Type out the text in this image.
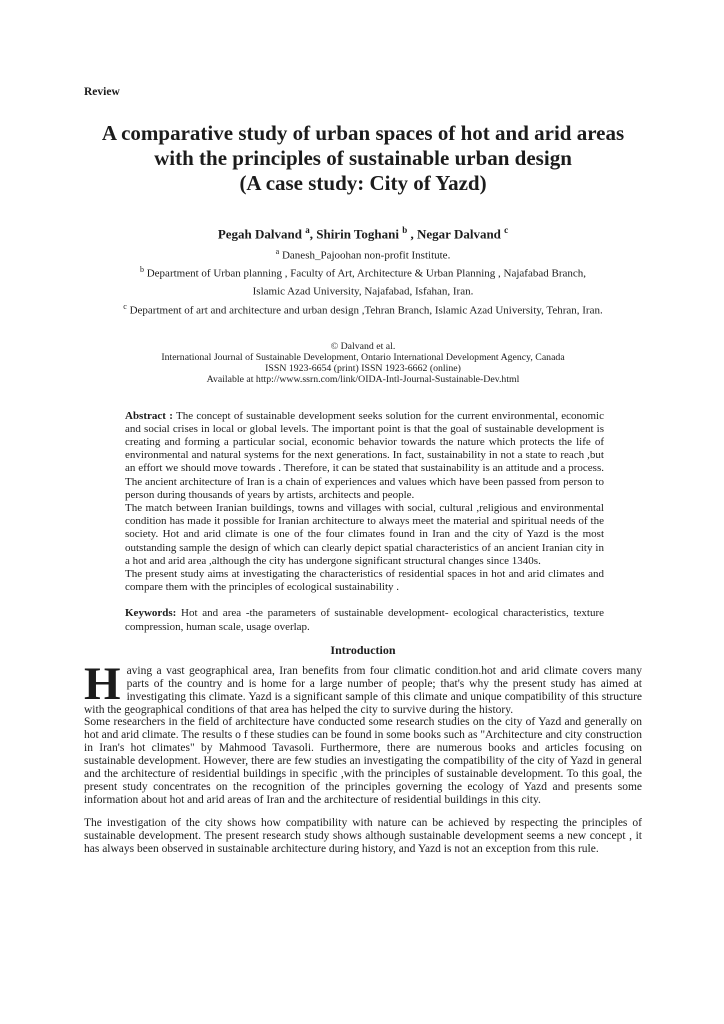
Review
A comparative study of urban spaces of hot and arid areas
with the principles of sustainable urban design
(A case study: City of Yazd)
Pegah Dalvand $^a$, Shirin Toghani $^b$ , Negar Dalvand $^c$
$^a$ Danesh_Pajoohan non-profit Institute.
$^b$ Department of Urban planning , Faculty of Art, Architecture & Urban Planning , Najafabad Branch,
Islamic Azad University, Najafabad, Isfahan, Iran.
$^c$ Department of art and architecture and urban design ,Tehran Branch, Islamic Azad University, Tehran, Iran.
© Dalvand et al.
International Journal of Sustainable Development, Ontario International Development Agency, Canada
ISSN 1923-6654 (print) ISSN 1923-6662 (online)
Available at http://www.ssrn.com/link/OIDA-Intl-Journal-Sustainable-Dev.html

Abstract : The concept of sustainable development seeks solution for the current environmental, economic and social crises in local or global levels. The important point is that the goal of sustainable development is creating and forming a particular social, economic behavior towards the nature which protects the life of environmental and natural systems for the next generations. In fact, sustainability in not a state to reach ,but an effort we should move towards . Therefore, it can be stated that sustainability is an attitude and a process. The ancient architecture of Iran is a chain of experiences and values which have been passed from person to person during thousands of years by artists, architects and people.

The match between Iranian buildings, towns and villages with social, cultural ,religious and environmental condition has made it possible for Iranian architecture to always meet the material and spiritual needs of the society. Hot and arid climate is one of the four climates found in Iran and the city of Yazd is the most outstanding sample the design of which can clearly depict spatial characteristics of an ancient Iranian city in a hot and arid area ,although the city has undergone significant structural changes since 1340s.

The present study aims at investigating the characteristics of residential spaces in hot and arid climates and compare them with the principles of ecological sustainability .

Keywords: Hot and area -the parameters of sustainable development- ecological characteristics, texture compression, human scale, usage overlap.

Introduction

Having a vast geographical area, Iran benefits from four climatic condition.hot and arid climate covers many parts of the country and is home for a large number of people; that's why the present study has aimed at investigating this climate. Yazd is a significant sample of this climate and unique compatibility of this structure with the geographical conditions of that area has helped the city to survive during the history.

Some researchers in the field of architecture have conducted some research studies on the city of Yazd and generally on hot and arid climate. The results o f these studies can be found in some books such as "Architecture and city construction in Iran's hot climates" by Mahmood Tavasoli. Furthermore, there are numerous books and articles focusing on sustainable development. However, there are few studies an investigating the compatibility of the city of Yazd in general and the architecture of residential buildings in specific ,with the principles of sustainable development. To this goal, the present study concentrates on the recognition of the principles governing the ecology of Yazd and presents some information about hot and arid areas of Iran and the architecture of residential buildings in this city.

The investigation of the city shows how compatibility with nature can be achieved by respecting the principles of sustainable development. The present research study shows although sustainable development seems a new concept , it has always been observed in sustainable architecture during history, and Yazd is not an exception from this rule.
